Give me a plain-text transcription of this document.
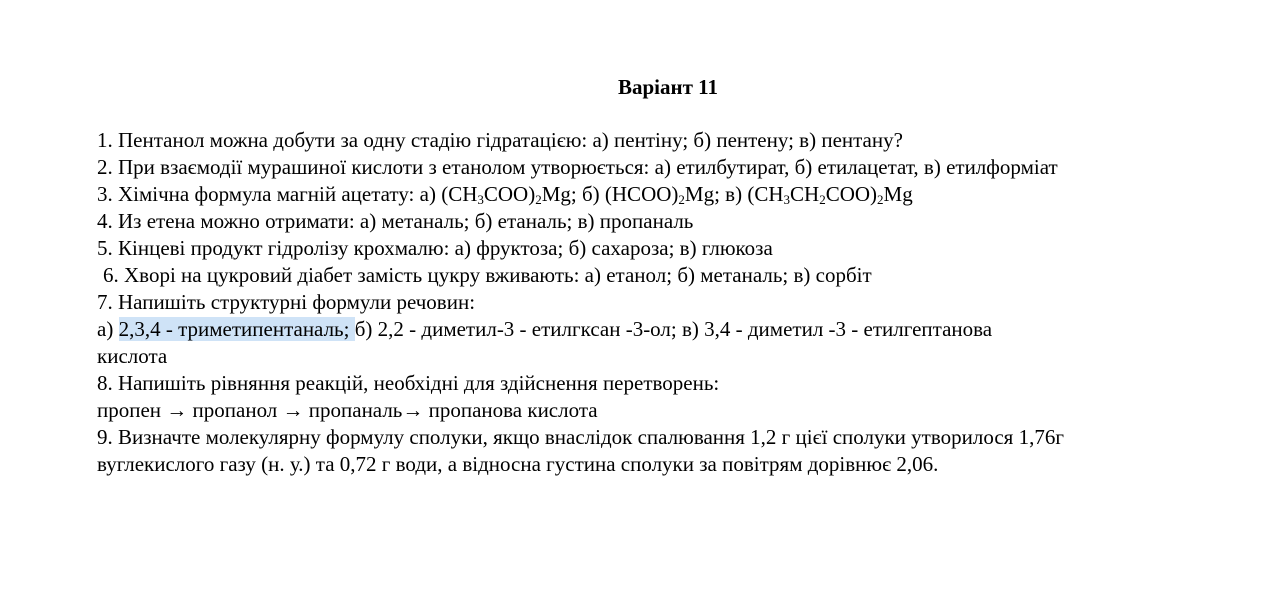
Варіант 11
1. Пентанол можна добути за одну стадію гідратацією: а) пентіну; б) пентену; в) пентану?
2. При взаємодії мурашиної кислоти з етанолом утворюється: а) етилбутират, б) етилацетат, в) етилформіат
3. Хімічна формула магній ацетату: а) $(CH_3COO)_2Mg$; б) $(HCOO)_2Mg$; в) $(CH_3CH_2COO)_2Mg$
4. Из етена можно отримати: а) метаналь; б) етаналь; в) пропаналь
5. Кінцеві продукт гідролізу крохмалю: а) фруктоза; б) сахароза; в) глюкоза
6. Хворі на цукровий діабет замість цукру вживають: а) етанол; б) метаналь; в) сорбіт
7. Напишіть структурні формули речовин:
а) 2,3,4 - триметипентаналь; б) 2,2 - диметил-3 - етилгксан -3-ол; в) 3,4 - диметил -3 - етилгептанова
кислота
8. Напишіть рівняння реакцій, необхідні для здійснення перетворень:
пропен → пропанол → пропаналь→ пропанова кислота
9. Визначте молекулярну формулу сполуки, якщо внаслідок спалювання 1,2 г цієї сполуки утворилося 1,76г
вуглекислого газу (н. у.) та 0,72 г води, а відносна густина сполуки за повітрям дорівнює 2,06.
